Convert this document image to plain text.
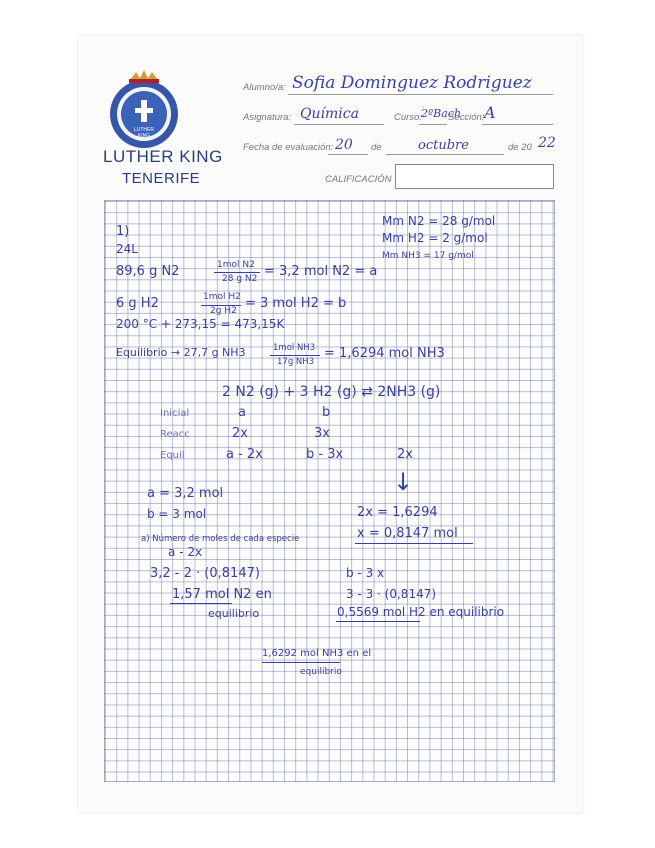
LUTHER
KING
LUTHER KING
TENERIFE
Alumno/a: Sofia Dominguez Rodriguez
Asignatura: Química	Curso: 2ºBach
Sección: A
Fecha de evaluación: 20 de	octubre	de 20 22
CALIFICACIÓN
Mm N2 = 28 g/mol
1)	Mm H2 = 2 g/mol
24L	Mm NH3 = 17 g/mol
89,6 g N2	1mol N2
28 g N2 = 3,2 mol N2 = a
6 g H2	1mol H2
2g H2 = 3 mol H2 = b
200 °C + 273,15 = 473,15K
Equilibrio → 27,7 g NH3	1mol NH3
17g NH3
= 1,6294 mol NH3
2 N2 (g) + 3 H2 (g) ⇄ 2NH3 (g)
Inicial	a	b
Reacc	2x	3x
Equil	a - 2x	b - 3x	2x
↓
a = 3,2 mol
b = 3 mol	2x = 1,6294
x = 0,8147 mol
a) Número de moles de cada especie
a - 2x
3,2 - 2 · (0,8147)	b - 3 x
1,57 mol N2 en	3 - 3 · (0,8147)
equilibrio	0,5569 mol H2 en equilibrio
1,6292 mol NH3 en el
equilibrio
